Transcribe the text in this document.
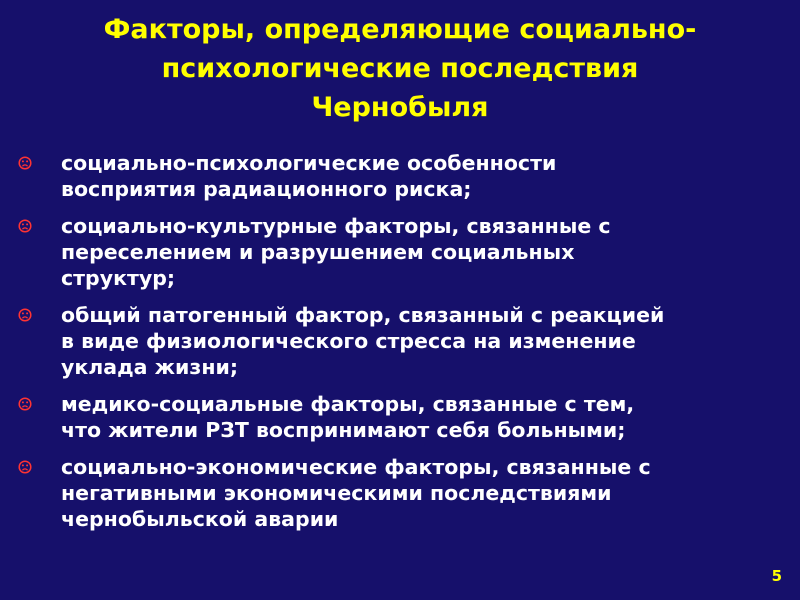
Факторы, определяющие социально-
психологические последствия
Чернобыля
социально-психологические особенности
восприятия радиационного риска;
социально-культурные факторы, связанные с
переселением и разрушением социальных
структур;
общий патогенный фактор, связанный с реакцией
в виде физиологического стресса на изменение
уклада жизни;
медико-социальные факторы, связанные с тем,
что жители РЗТ воспринимают себя больными;
социально-экономические факторы, связанные с
негативными экономическими последствиями
чернобыльской аварии
5
